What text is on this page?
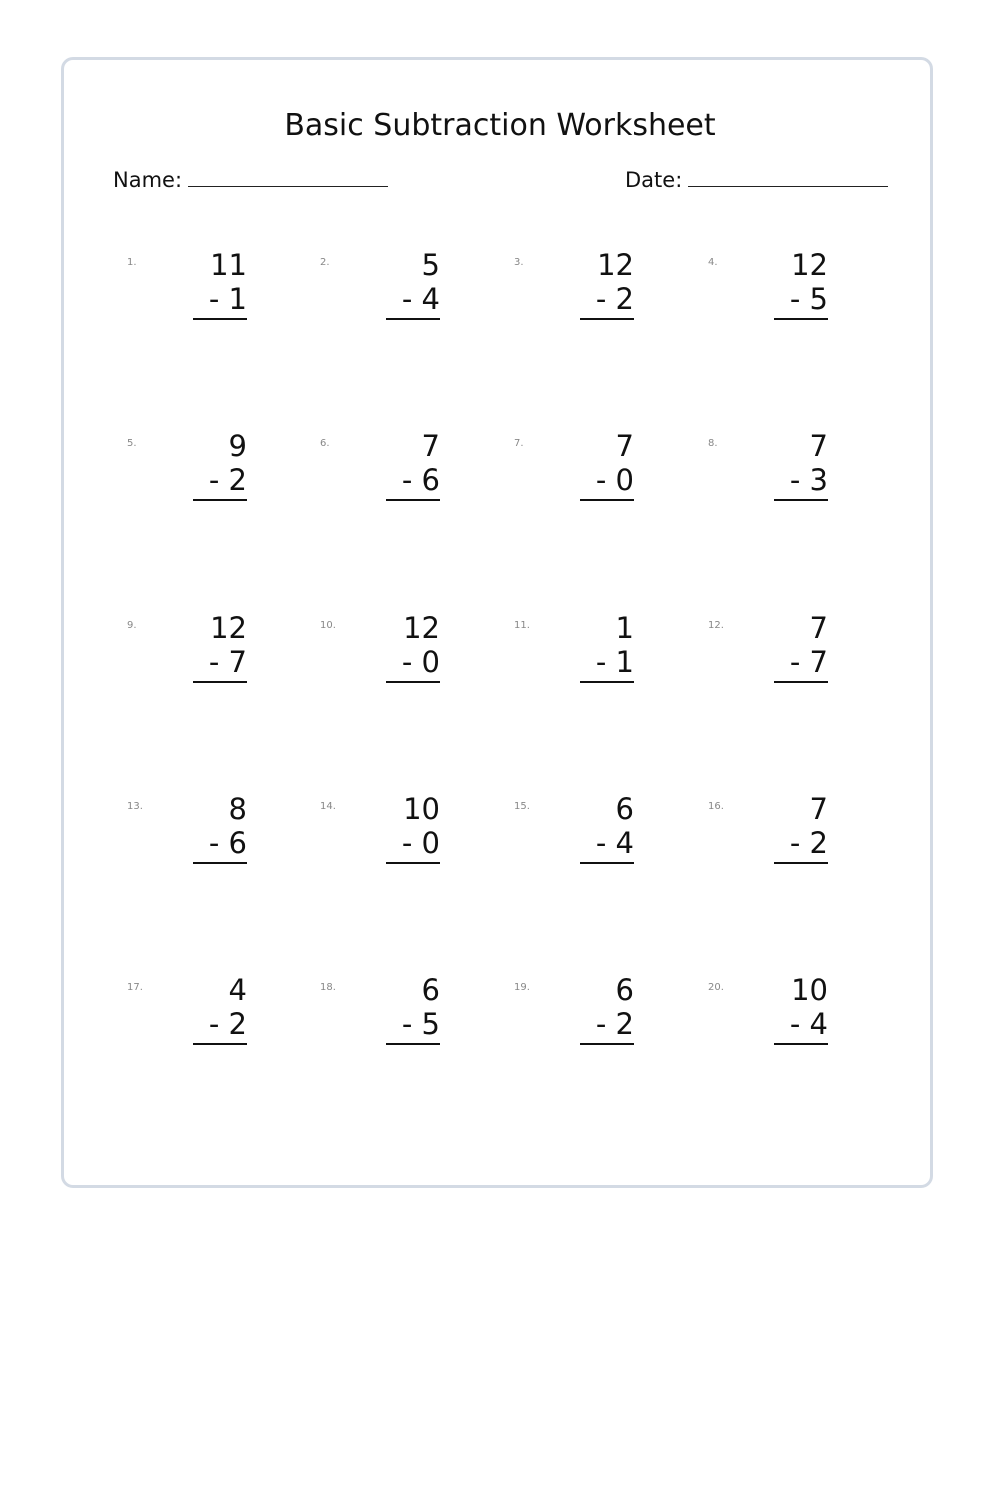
Basic Subtraction Worksheet
Name:	Date:
1.	11
- 1
2.	5
- 4
3.	12
- 2
4.	12
- 5
5.	9
- 2
6.	7
- 6
7.	7
- 0
8.	7
- 3
9.	12
- 7
10.	12
- 0
11.	1
- 1
12.	7
- 7
13.	8
- 6
14.	10
- 0
15.	6
- 4
16.	7
- 2
17.	4
- 2
18.	6
- 5
19.	6
- 2
20.	10
- 4
